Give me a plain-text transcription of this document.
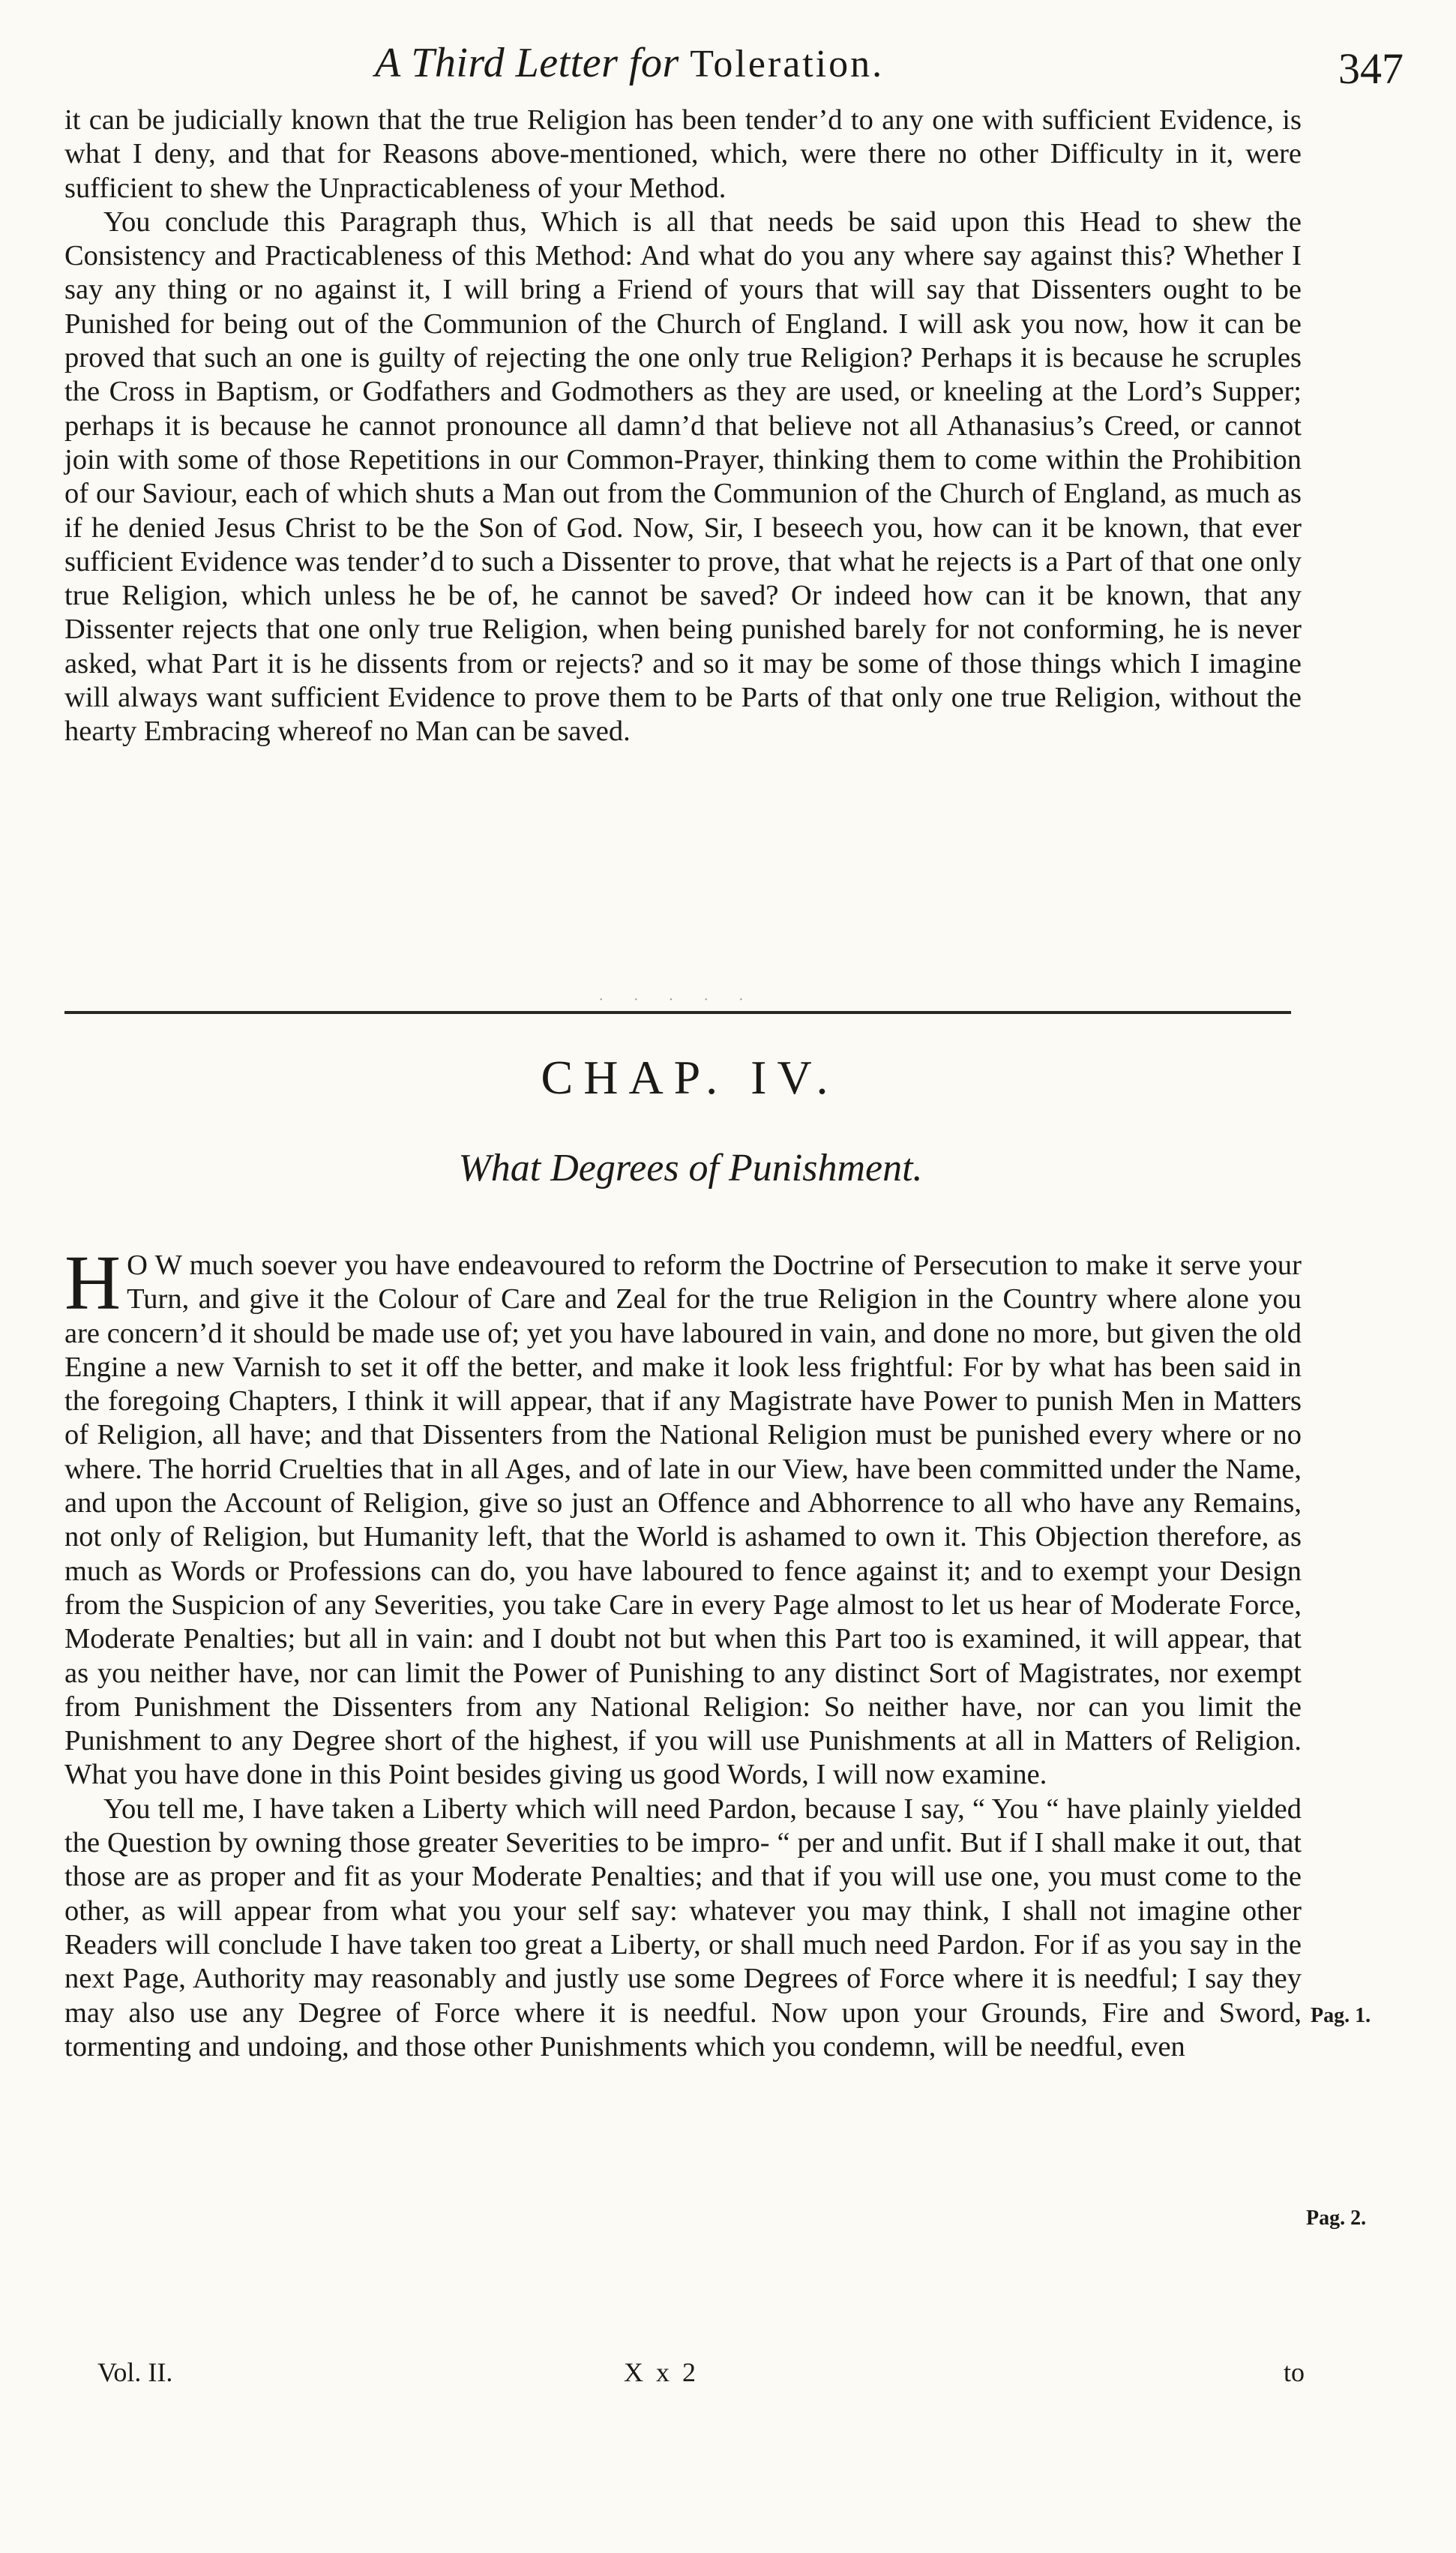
A Third Letter for Toleration.	347

it can be judicially known that the true Religion has been tender’d to any one with sufficient Evidence, is what I deny, and that for Reasons above-mentioned, which, were there no other Difficulty in it, were sufficient to shew the Unpracticableness of your Method.

You conclude this Paragraph thus, Which is all that needs be said upon this Head to shew the Consistency and Practicableness of this Method: And what do you any where say against this? Whether I say any thing or no against it, I will bring a Friend of yours that will say that Dissenters ought to be Punished for being out of the Communion of the Church of England. I will ask you now, how it can be proved that such an one is guilty of rejecting the one only true Religion? Perhaps it is because he scruples the Cross in Baptism, or Godfathers and Godmothers as they are used, or kneeling at the Lord’s Supper; perhaps it is because he cannot pronounce all damn’d that believe not all Athanasius’s Creed, or cannot join with some of those Repetitions in our Common-Prayer, thinking them to come within the Prohibition of our Saviour, each of which shuts a Man out from the Communion of the Church of England, as much as if he denied Jesus Christ to be the Son of God. Now, Sir, I beseech you, how can it be known, that ever sufficient Evidence was tender’d to such a Dissenter to prove, that what he rejects is a Part of that one only true Religion, which unless he be of, he cannot be saved? Or indeed how can it be known, that any Dissenter rejects that one only true Religion, when being punished barely for not conforming, he is never asked, what Part it is he dissents from or rejects? and so it may be some of those things which I imagine will always want sufficient Evidence to prove them to be Parts of that only one true Religion, without the hearty Embracing whereof no Man can be saved.

·····
CHAP. IV.
What Degrees of Punishment.

H O W much soever you have endeavoured to reform the Doctrine of Persecution to make it serve your Turn, and give it the Colour of Care and Zeal for the true Religion in the Country where alone you are concern’d it should be made use of; yet you have laboured in vain, and done no more, but given the old Engine a new Varnish to set it off the better, and make it look less frightful: For by what has been said in the foregoing Chapters, I think it will appear, that if any Magistrate have Power to punish Men in Matters of Religion, all have; and that Dissenters from the National Religion must be punished every where or no where. The horrid Cruelties that in all Ages, and of late in our View, have been committed under the Name, and upon the Account of Religion, give so just an Offence and Abhorrence to all who have any Remains, not only of Religion, but Humanity left, that the World is ashamed to own it. This Objection therefore, as much as Words or Professions can do, you have laboured to fence against it; and to exempt your Design from the Suspicion of any Severities, you take Care in every Page almost to let us hear of Moderate Force, Moderate Penalties; but all in vain: and I doubt not but when this Part too is examined, it will appear, that as you neither have, nor can limit the Power of Punishing to any distinct Sort of Magistrates, nor exempt from Punishment the Dissenters from any National Religion: So neither have, nor can you limit the Punishment to any Degree short of the highest, if you will use Punishments at all in Matters of Religion. What you have done in this Point besides giving us good Words, I will now examine.

You tell me, I have taken a Liberty which will need Pardon, because I say, “ You “ have plainly yielded the Question by owning those greater Severities to be impro- “ per and unfit. But if I shall make it out, that those are as proper and fit as your Moderate Penalties; and that if you will use one, you must come to the other, as will appear from what you your self say: whatever you may think, I shall not imagine other Readers will conclude I have taken too great a Liberty, or shall much need Pardon. For if as you say in the next Page, Authority may reasonably and justly use some Degrees of Force where it is needful; I say they may also use any Degree of Force where it is needful. Now upon your Grounds, Fire and Sword, tormenting and undoing, and those other Punishments which you condemn, will be needful, even

Pag. 1.
Pag. 2.
Vol. II.	X x 2	to
